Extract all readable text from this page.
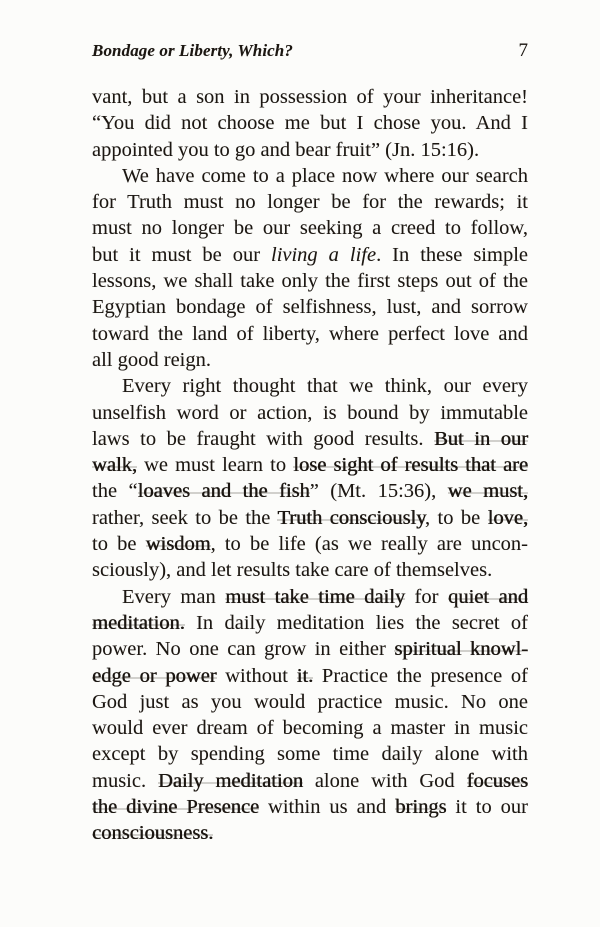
Bondage or Liberty, Which?	7
vant, but a son in possession of your inheritance!
“You did not choose me but I chose you. And I
appointed you to go and bear fruit” (Jn. 15:16).
We have come to a place now where our search
for Truth must no longer be for the rewards; it
must no longer be our seeking a creed to follow,
but it must be our living a life. In these simple
lessons, we shall take only the first steps out of the
Egyptian bondage of selfishness, lust, and sorrow
toward the land of liberty, where perfect love and
all good reign.
Every right thought that we think, our every
unselfish word or action, is bound by immutable
laws to be fraught with good results. But in our
walk, we must learn to lose sight of results that are
the “loaves and the fish” (Mt. 15:36), we must,
rather, seek to be the Truth consciously, to be love,
to be wisdom, to be life (as we really are uncon-
sciously), and let results take care of themselves.
Every man must take time daily for quiet and
meditation. In daily meditation lies the secret of
power. No one can grow in either spiritual knowl-
edge or power without it. Practice the presence of
God just as you would practice music. No one
would ever dream of becoming a master in music
except by spending some time daily alone with
music. Daily meditation alone with God focuses
the divine Presence within us and brings it to our
consciousness.
